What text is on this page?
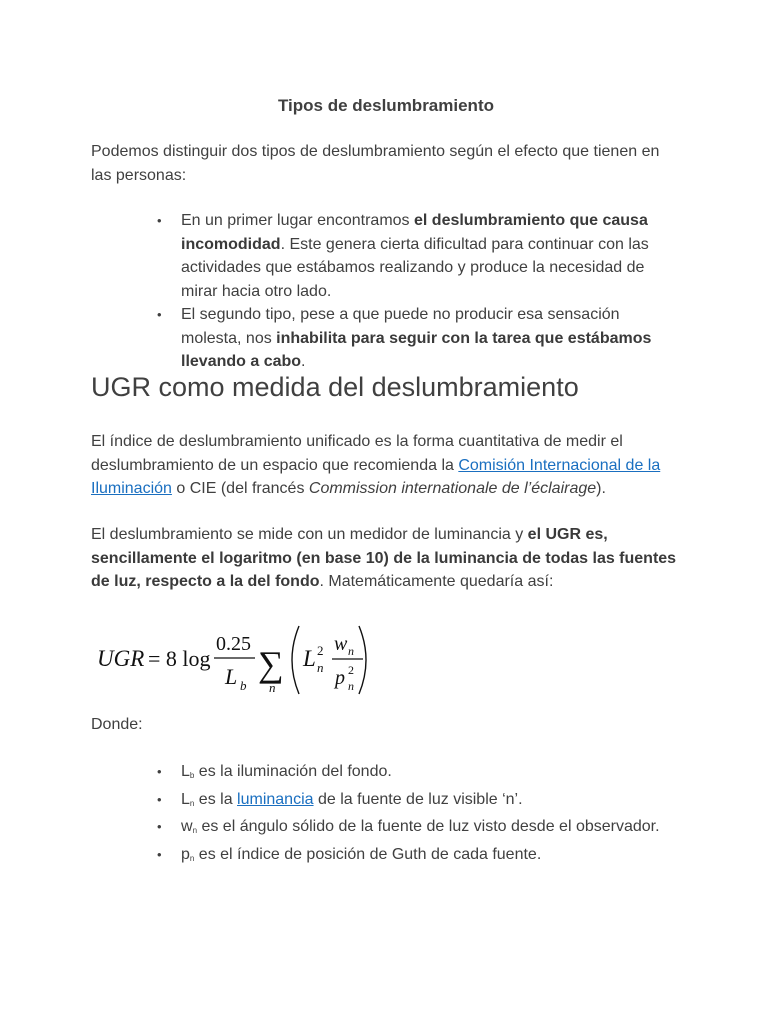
Tipos de deslumbramiento

Podemos distinguir dos tipos de deslumbramiento según el efecto que tienen en las personas:

• En un primer lugar encontramos el deslumbramiento que causa incomodidad. Este genera cierta dificultad para continuar con las actividades que estábamos realizando y produce la necesidad de mirar hacia otro lado.
• El segundo tipo, pese a que puede no producir esa sensación molesta, nos inhabilita para seguir con la tarea que estábamos llevando a cabo.
UGR como medida del deslumbramiento

El índice de deslumbramiento unificado es la forma cuantitativa de medir el deslumbramiento de un espacio que recomienda la Comisión Internacional de la Iluminación o CIE (del francés Commission internationale de l’éclairage).

El deslumbramiento se mide con un medidor de luminancia y el UGR es, sencillamente el logaritmo (en base 10) de la luminancia de todas las fuentes de luz, respecto a la del fondo. Matemáticamente quedaría así:

UGR = 8 log
0.25
L b
∑
n
L 2
n
w n
p 2
n

Donde:

• $L_b$ es la iluminación del fondo.
• $L_n$ es la luminancia de la fuente de luz visible ‘n’.
• $w_n$ es el ángulo sólido de la fuente de luz visto desde el observador.
• $p_n$ es el índice de posición de Guth de cada fuente.
